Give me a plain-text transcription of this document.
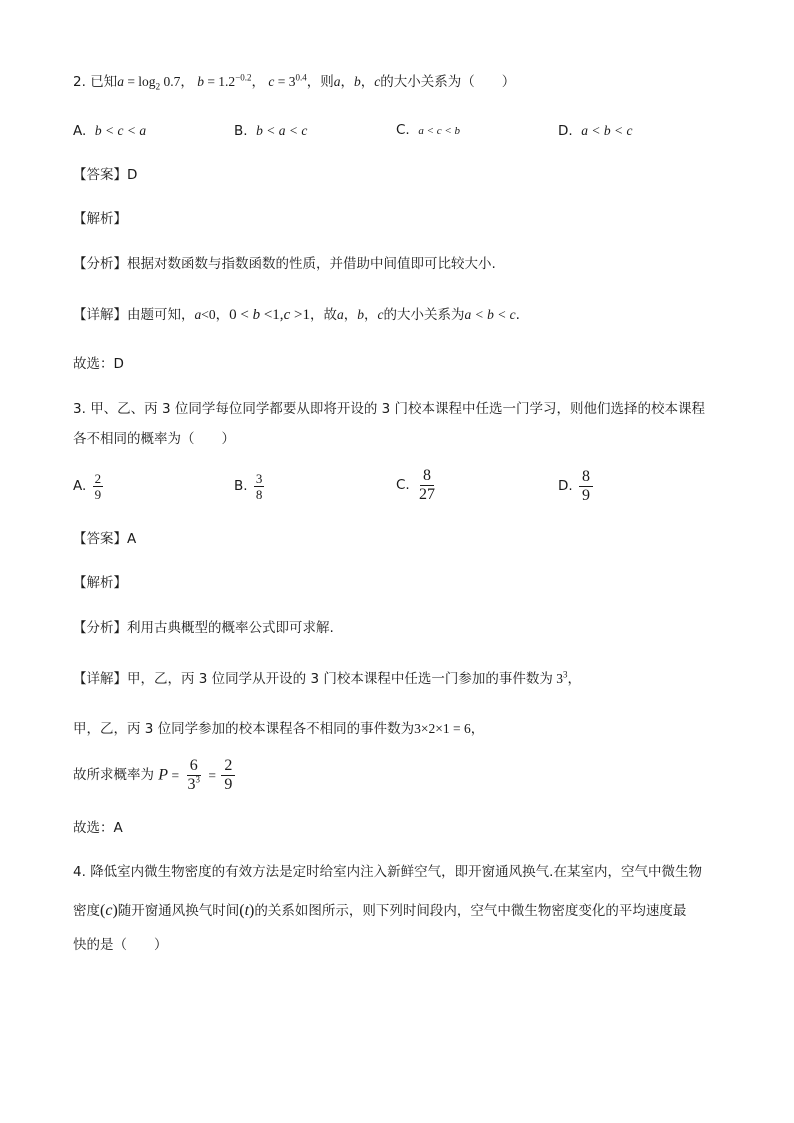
2. 已知$a = \log_2 0.7$， $b = 1.2^{-0.2}$， $c = 3^{0.4}$，则a，b，c的大小关系为（　　）
A. b < c < a	B. b < a < c	C. a < c < b	D. a < b < c
【答案】D
【解析】
【分析】根据对数函数与指数函数的性质，并借助中间值即可比较大小.
【详解】由题可知，a<0，0 < b <1,c >1，故a，b，c的大小关系为a < b < c.
故选：D
3. 甲、乙、丙 3 位同学每位同学都要从即将开设的 3 门校本课程中任选一门学习，则他们选择的校本课程
各不相同的概率为（　　）
A. $\frac{2}{9}$	B. $\frac{3}{8}$	C. $\frac{8}{27}$	D. $\frac{8}{9}$
【答案】A
【解析】
【分析】利用古典概型的概率公式即可求解.
【详解】甲，乙，丙 3 位同学从开设的 3 门校本课程中任选一门参加的事件数为 $3^3$，
甲，乙，丙 3 位同学参加的校本课程各不相同的事件数为3×2×1 = 6，
故所求概率为 $P = \frac{6}{3^3} = \frac{2}{9}$
故选：A
4. 降低室内微生物密度的有效方法是定时给室内注入新鲜空气，即开窗通风换气.在某室内，空气中微生物
密度(c)随开窗通风换气时间(t)的关系如图所示，则下列时间段内，空气中微生物密度变化的平均速度最
快的是（　　）
